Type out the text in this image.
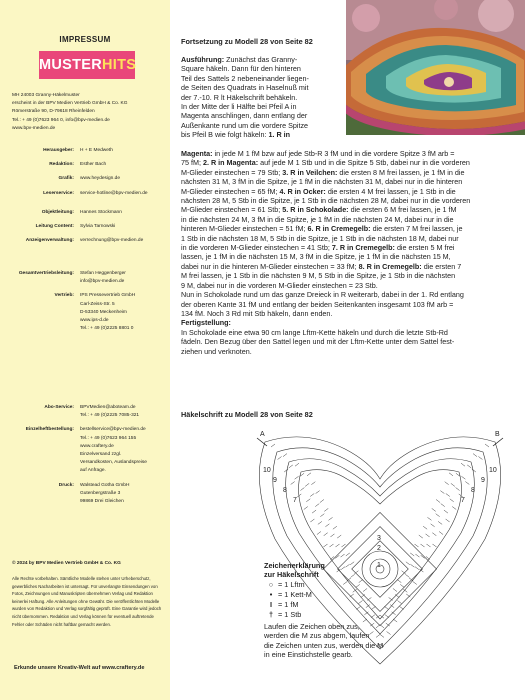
IMPRESSUM
MUSTERHITS
MH 24003 Granny-Häkelmuster
erscheint in der BPV Medien Vertrieb GmbH & Co. KG
Römerstraße 90, D-79618 Rheinfelden
Tel.: + 49 (0)7623 964 0, info@bpv-medien.de
www.bpv-medien.de
Herausgeber:	H + E Medweth
Redaktion:	Esther Bach
Grafik:	www.heydesign.de
Leserservice:	service-hotline@bpv-medien.de
Objektleitung:	Hannes Stockmann
Leitung Content:	Sylvia Tarnowski
Anzeigenverwaltung:	verrechnung@bpv-medien.de
Gesamtvertriebsleitung:	Stefan Heggenberger
info@bpv-medien.de
Vertrieb:	IPS Pressevertrieb GmbH
Carl-Zeiss-Str. 5
D-53340 Meckenheim
www.ips-d.de
Tel.: + 49 (0)2225 8801 0
Abo-Service:	BPVMedien@aboteam.de
Tel.: + 49 (0)2225 7085-321
Einzelheftbestellung:	bestellservice@bpv-medien.de
Tel.: + 49 (0)7623 964 155
www.craftery.de
Einzelversand zzgl.
Versandkosten, Auslandspreise
auf Anfrage.
Druck:	Walstead Gotha GmbH
Gutenbergstraße 3
99869 Drei Gleichen
© 2024 by BPV Medien Vertrieb GmbH & Co. KG
Alle Rechte vorbehalten. Sämtliche Modelle stehen unter Urheberschutz,
gewerbliches Nacharbeiten ist untersagt. Für unverlangte Einsendungen von
Fotos, Zeichnungen und Manuskripten übernehmen Verlag und Redaktion
keinerlei Haftung. Alle Anleitungen ohne Gewähr. Die veröffentlichten Modelle
wurden von Redaktion und Verlag sorgfältig geprüft. Eine Garantie wird jedoch
nicht übernommen. Redaktion und Verlag können für eventuell auftretende
Fehler oder Schäden nicht haftbar gemacht werden.
Erkunde unsere Kreativ-Welt auf www.craftery.de
Fortsetzung zu Modell 28 von Seite 82
Ausführung: Zunächst das Granny-
Square häkeln. Dann für den hinteren
Teil des Sattels 2 nebeneinander liegen-
de Seiten des Quadrats in Haselnuß mit
der 7.-10. R lt Häkelschrift behäkeln.
In der Mitte der li Hälfte bei Pfeil A in
Magenta anschlingen, dann entlang der
Außenkante rund um die vordere Spitze
bis Pfeil B wie folgt häkeln: 1. R in
Magenta: in jede M 1 fM bzw auf jede Stb-R 3 fM und in die vordere Spitze 3 fM arb =
75 fM; 2. R in Magenta: auf jede M 1 Stb und in die Spitze 5 Stb, dabei nur in die vorderen
M-Glieder einstechen = 79 Stb; 3. R in Veilchen: die ersten 8 M frei lassen, je 1 fM in die
nächsten 31 M, 3 fM in die Spitze, je 1 fM in die nächsten 31 M, dabei nur in die hinteren
M-Glieder einstechen = 65 fM; 4. R in Ocker: die ersten 4 M frei lassen, je 1 Stb in die
nächsten 28 M, 5 Stb in die Spitze, je 1 Stb in die nächsten 28 M, dabei nur in die vorderen
M-Glieder einstechen = 61 Stb; 5. R in Schokolade: die ersten 6 M frei lassen, je 1 fM
in die nächsten 24 M, 3 fM in die Spitze, je 1 fM in die nächsten 24 M, dabei nur in die
hinteren M-Glieder einstechen = 51 fM; 6. R in Cremegelb: die ersten 7 M frei lassen, je
1 Stb in die nächsten 18 M, 5 Stb in die Spitze, je 1 Stb in die nächsten 18 M, dabei nur
in die vorderen M-Glieder einstechen = 41 Stb; 7. R in Cremegelb: die ersten 5 M frei
lassen, je 1 fM in die nächsten 15 M, 3 fM in die Spitze, je 1 fM in die nächsten 15 M,
dabei nur in die hinteren M-Glieder einstechen = 33 fM; 8. R in Cremegelb: die ersten 7
M frei lassen, je 1 Stb in die nächsten 9 M, 5 Stb in die Spitze, je 1 Stb in die nächsten
9 M, dabei nur in die vorderen M-Glieder einstechen = 23 Stb.
Nun in Schokolade rund um das ganze Dreieck in R weiterarb, dabei in der 1. Rd entlang
der oberen Kante 31 fM und entlang der beiden Seitenkanten insgesamt 103 fM arb =
134 fM. Noch 3 Rd mit Stb häkeln, dann enden.
Fertigstellung:
In Schokolade eine etwa 90 cm lange Lftm-Kette häkeln und durch die letzte Stb-Rd
fädeln. Den Bezug über den Sattel legen und mit der Lftm-Kette unter dem Sattel fest-
ziehen und verknoten.
Häkelschrift zu Modell 28 von Seite 82
A	B
10
9
8
7
10
9
8
7
1
2
3
Zeichenerklärung
zur Häkelschrift
○ = 1 Lftm
• = 1 Kett-M
I = 1 fM
† = 1 Stb
Laufen die Zeichen oben zus,
werden die M zus abgem, laufen
die Zeichen unten zus, werden die M
in eine Einstichstelle gearb.
